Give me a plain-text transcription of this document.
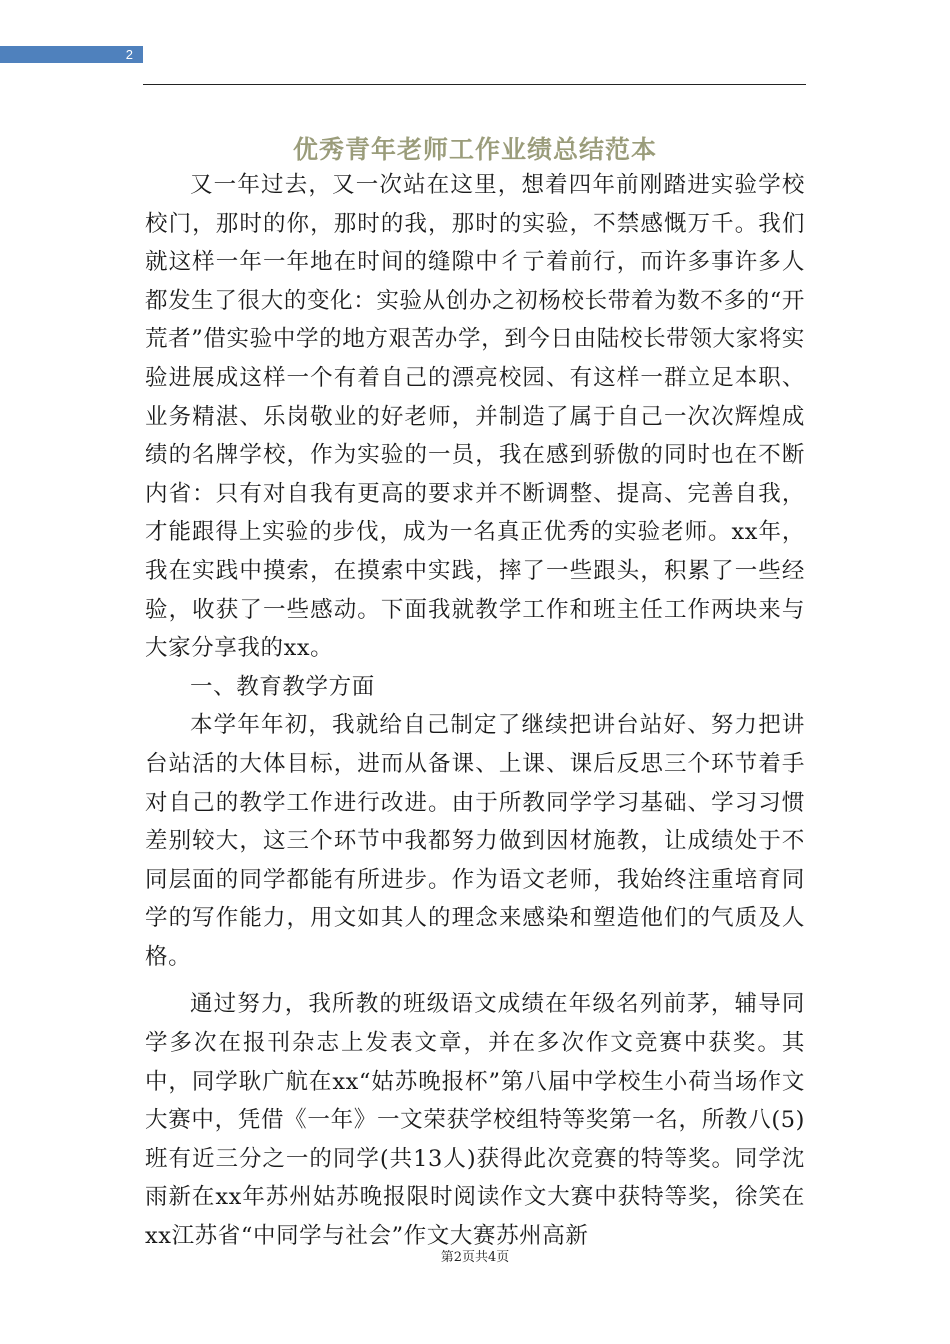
2
优秀青年老师工作业绩总结范本

又一年过去，又一次站在这里，想着四年前刚踏进实验学校校门，那时的你，那时的我，那时的实验，不禁感慨万千。我们就这样一年一年地在时间的缝隙中彳亍着前行，而许多事许多人都发生了很大的变化：实验从创办之初杨校长带着为数不多的“开荒者”借实验中学的地方艰苦办学，到今日由陆校长带领大家将实验进展成这样一个有着自己的漂亮校园、有这样一群立足本职、业务精湛、乐岗敬业的好老师，并制造了属于自己一次次辉煌成绩的名牌学校，作为实验的一员，我在感到骄傲的同时也在不断内省：只有对自我有更高的要求并不断调整、提高、完善自我，才能跟得上实验的步伐，成为一名真正优秀的实验老师。xx年，我在实践中摸索，在摸索中实践，摔了一些跟头，积累了一些经验，收获了一些感动。下面我就教学工作和班主任工作两块来与大家分享我的xx。

一、教育教学方面

本学年年初，我就给自己制定了继续把讲台站好、努力把讲台站活的大体目标，进而从备课、上课、课后反思三个环节着手对自己的教学工作进行改进。由于所教同学学习基础、学习习惯差别较大，这三个环节中我都努力做到因材施教，让成绩处于不同层面的同学都能有所进步。作为语文老师，我始终注重培育同学的写作能力，用文如其人的理念来感染和塑造他们的气质及人格。

通过努力，我所教的班级语文成绩在年级名列前茅，辅导同学多次在报刊杂志上发表文章，并在多次作文竞赛中获奖。其中，同学耿广航在xx“姑苏晚报杯”第八届中学校生小荷当场作文大赛中，凭借《一年》一文荣获学校组特等奖第一名，所教八(5)班有近三分之一的同学(共13人)获得此次竞赛的特等奖。同学沈雨新在xx年苏州姑苏晚报限时阅读作文大赛中获特等奖，徐笑在xx江苏省“中同学与社会”作文大赛苏州高新

第2页共4页
